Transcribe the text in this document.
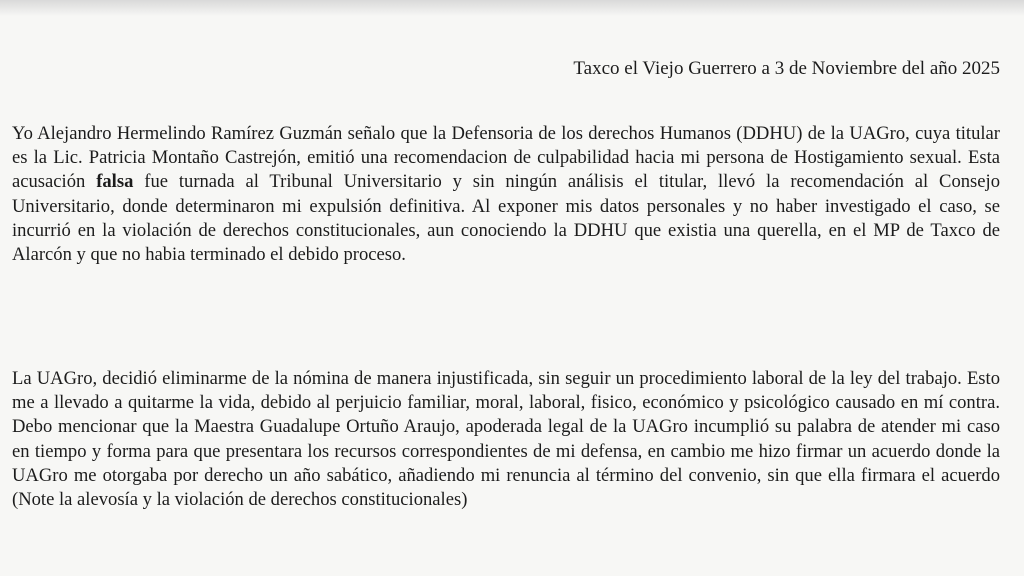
Taxco el Viejo Guerrero a 3 de Noviembre del año 2025

Yo Alejandro Hermelindo Ramírez Guzmán señalo que la Defensoria de los derechos Humanos (DDHU) de la UAGro, cuya titular es la Lic. Patricia Montaño Castrejón, emitió una recomendacion de culpabilidad hacia mi persona de Hostigamiento sexual. Esta acusación falsa fue turnada al Tribunal Universitario y sin ningún análisis el titular, llevó la recomendación al Consejo Universitario, donde determinaron mi expulsión definitiva. Al exponer mis datos personales y no haber investigado el caso, se incurrió en la violación de derechos constitucionales, aun conociendo la DDHU que existia una querella, en el MP de Taxco de Alarcón y que no habia terminado el debido proceso.

La UAGro, decidió eliminarme de la nómina de manera injustificada, sin seguir un procedimiento laboral de la ley del trabajo. Esto me a llevado a quitarme la vida, debido al perjuicio familiar, moral, laboral, fisico, económico y psicológico causado en mí contra. Debo mencionar que la Maestra Guadalupe Ortuño Araujo, apoderada legal de la UAGro incumplió su palabra de atender mi caso en tiempo y forma para que presentara los recursos correspondientes de mi defensa, en cambio me hizo firmar un acuerdo donde la UAGro me otorgaba por derecho un año sabático, añadiendo mi renuncia al término del convenio, sin que ella firmara el acuerdo (Note la alevosía y la violación de derechos constitucionales)
